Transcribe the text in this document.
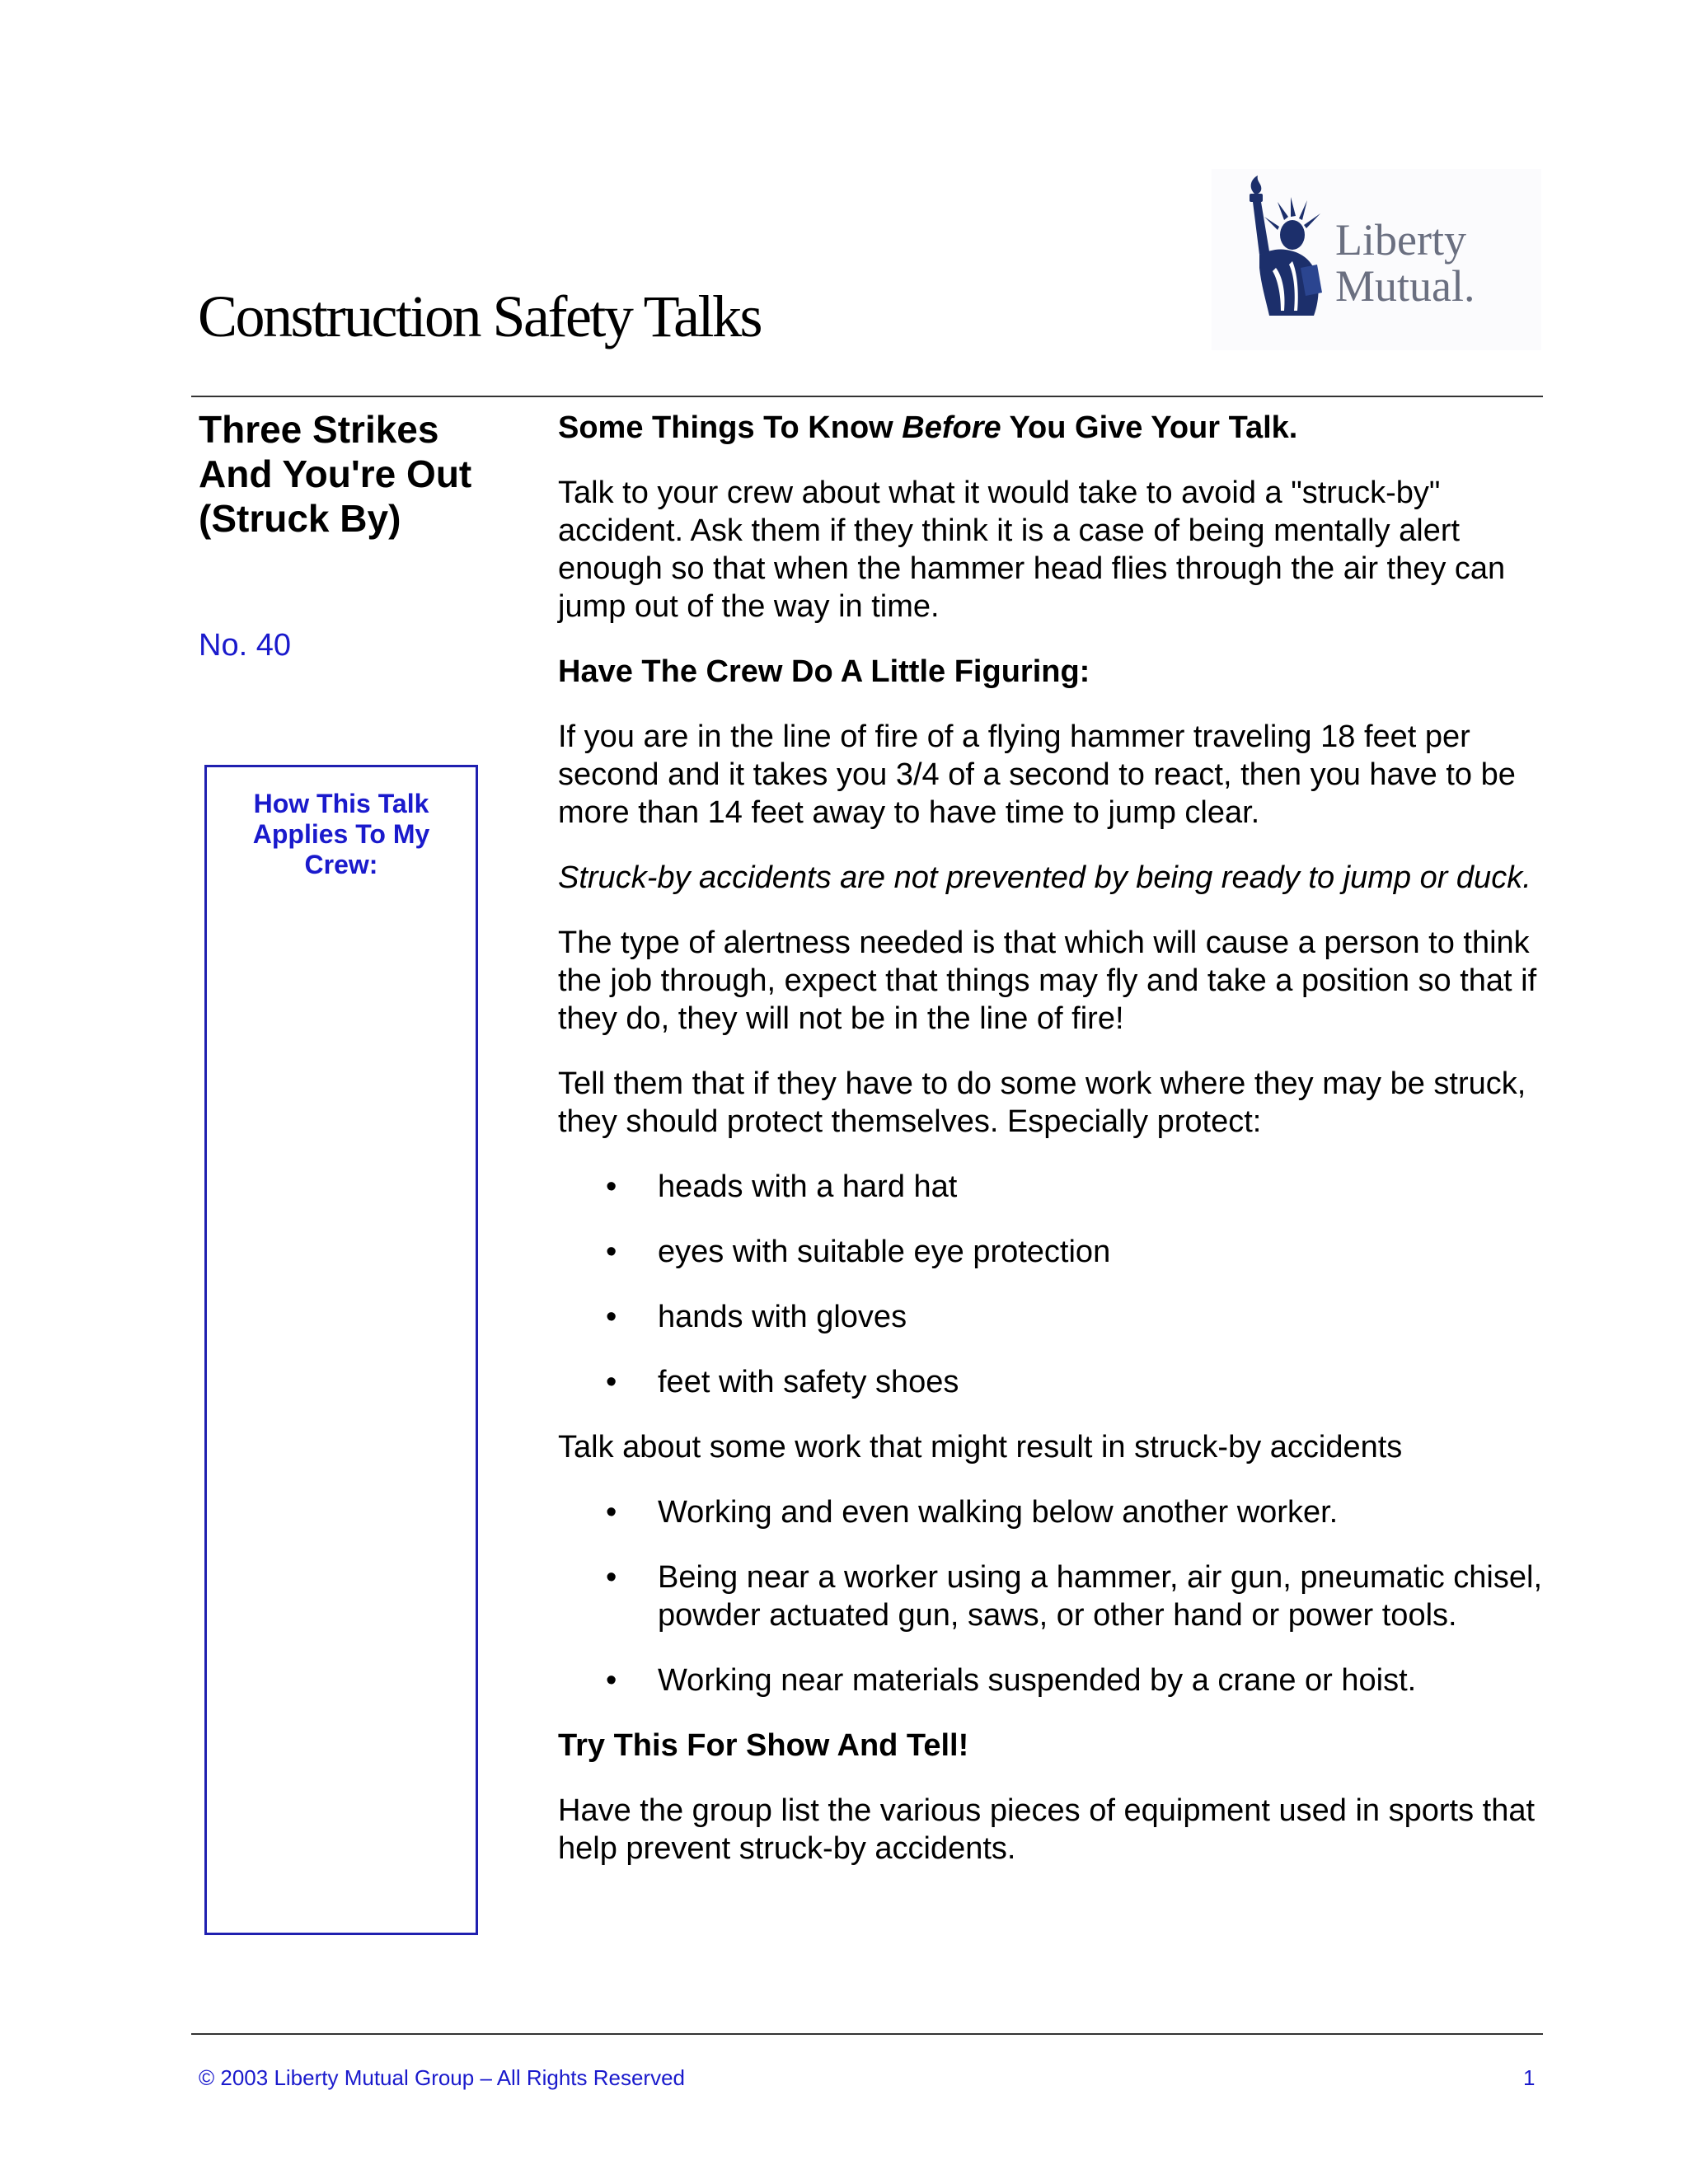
Construction Safety Talks
Liberty
Mutual.
Three Strikes And You're Out (Struck By)

No. 40

How This Talk Applies To My Crew:

Some Things To Know Before You Give Your Talk.

Talk to your crew about what it would take to avoid a "struck-by" accident. Ask them if they think it is a case of being mentally alert enough so that when the hammer head flies through the air they can jump out of the way in time.

Have The Crew Do A Little Figuring:

If you are in the line of fire of a flying hammer traveling 18 feet per second and it takes you 3/4 of a second to react, then you have to be more than 14 feet away to have time to jump clear.

Struck-by accidents are not prevented by being ready to jump or duck.

The type of alertness needed is that which will cause a person to think the job through, expect that things may fly and take a position so that if they do, they will not be in the line of fire!

Tell them that if they have to do some work where they may be struck, they should protect themselves. Especially protect:

• heads with a hard hat

• eyes with suitable eye protection

• hands with gloves

• feet with safety shoes

Talk about some work that might result in struck-by accidents

• Working and even walking below another worker.

• Being near a worker using a hammer, air gun, pneumatic chisel, powder actuated gun, saws, or other hand or power tools.

• Working near materials suspended by a crane or hoist.

Try This For Show And Tell!

Have the group list the various pieces of equipment used in sports that help prevent struck-by accidents.

© 2003 Liberty Mutual Group – All Rights Reserved	1
